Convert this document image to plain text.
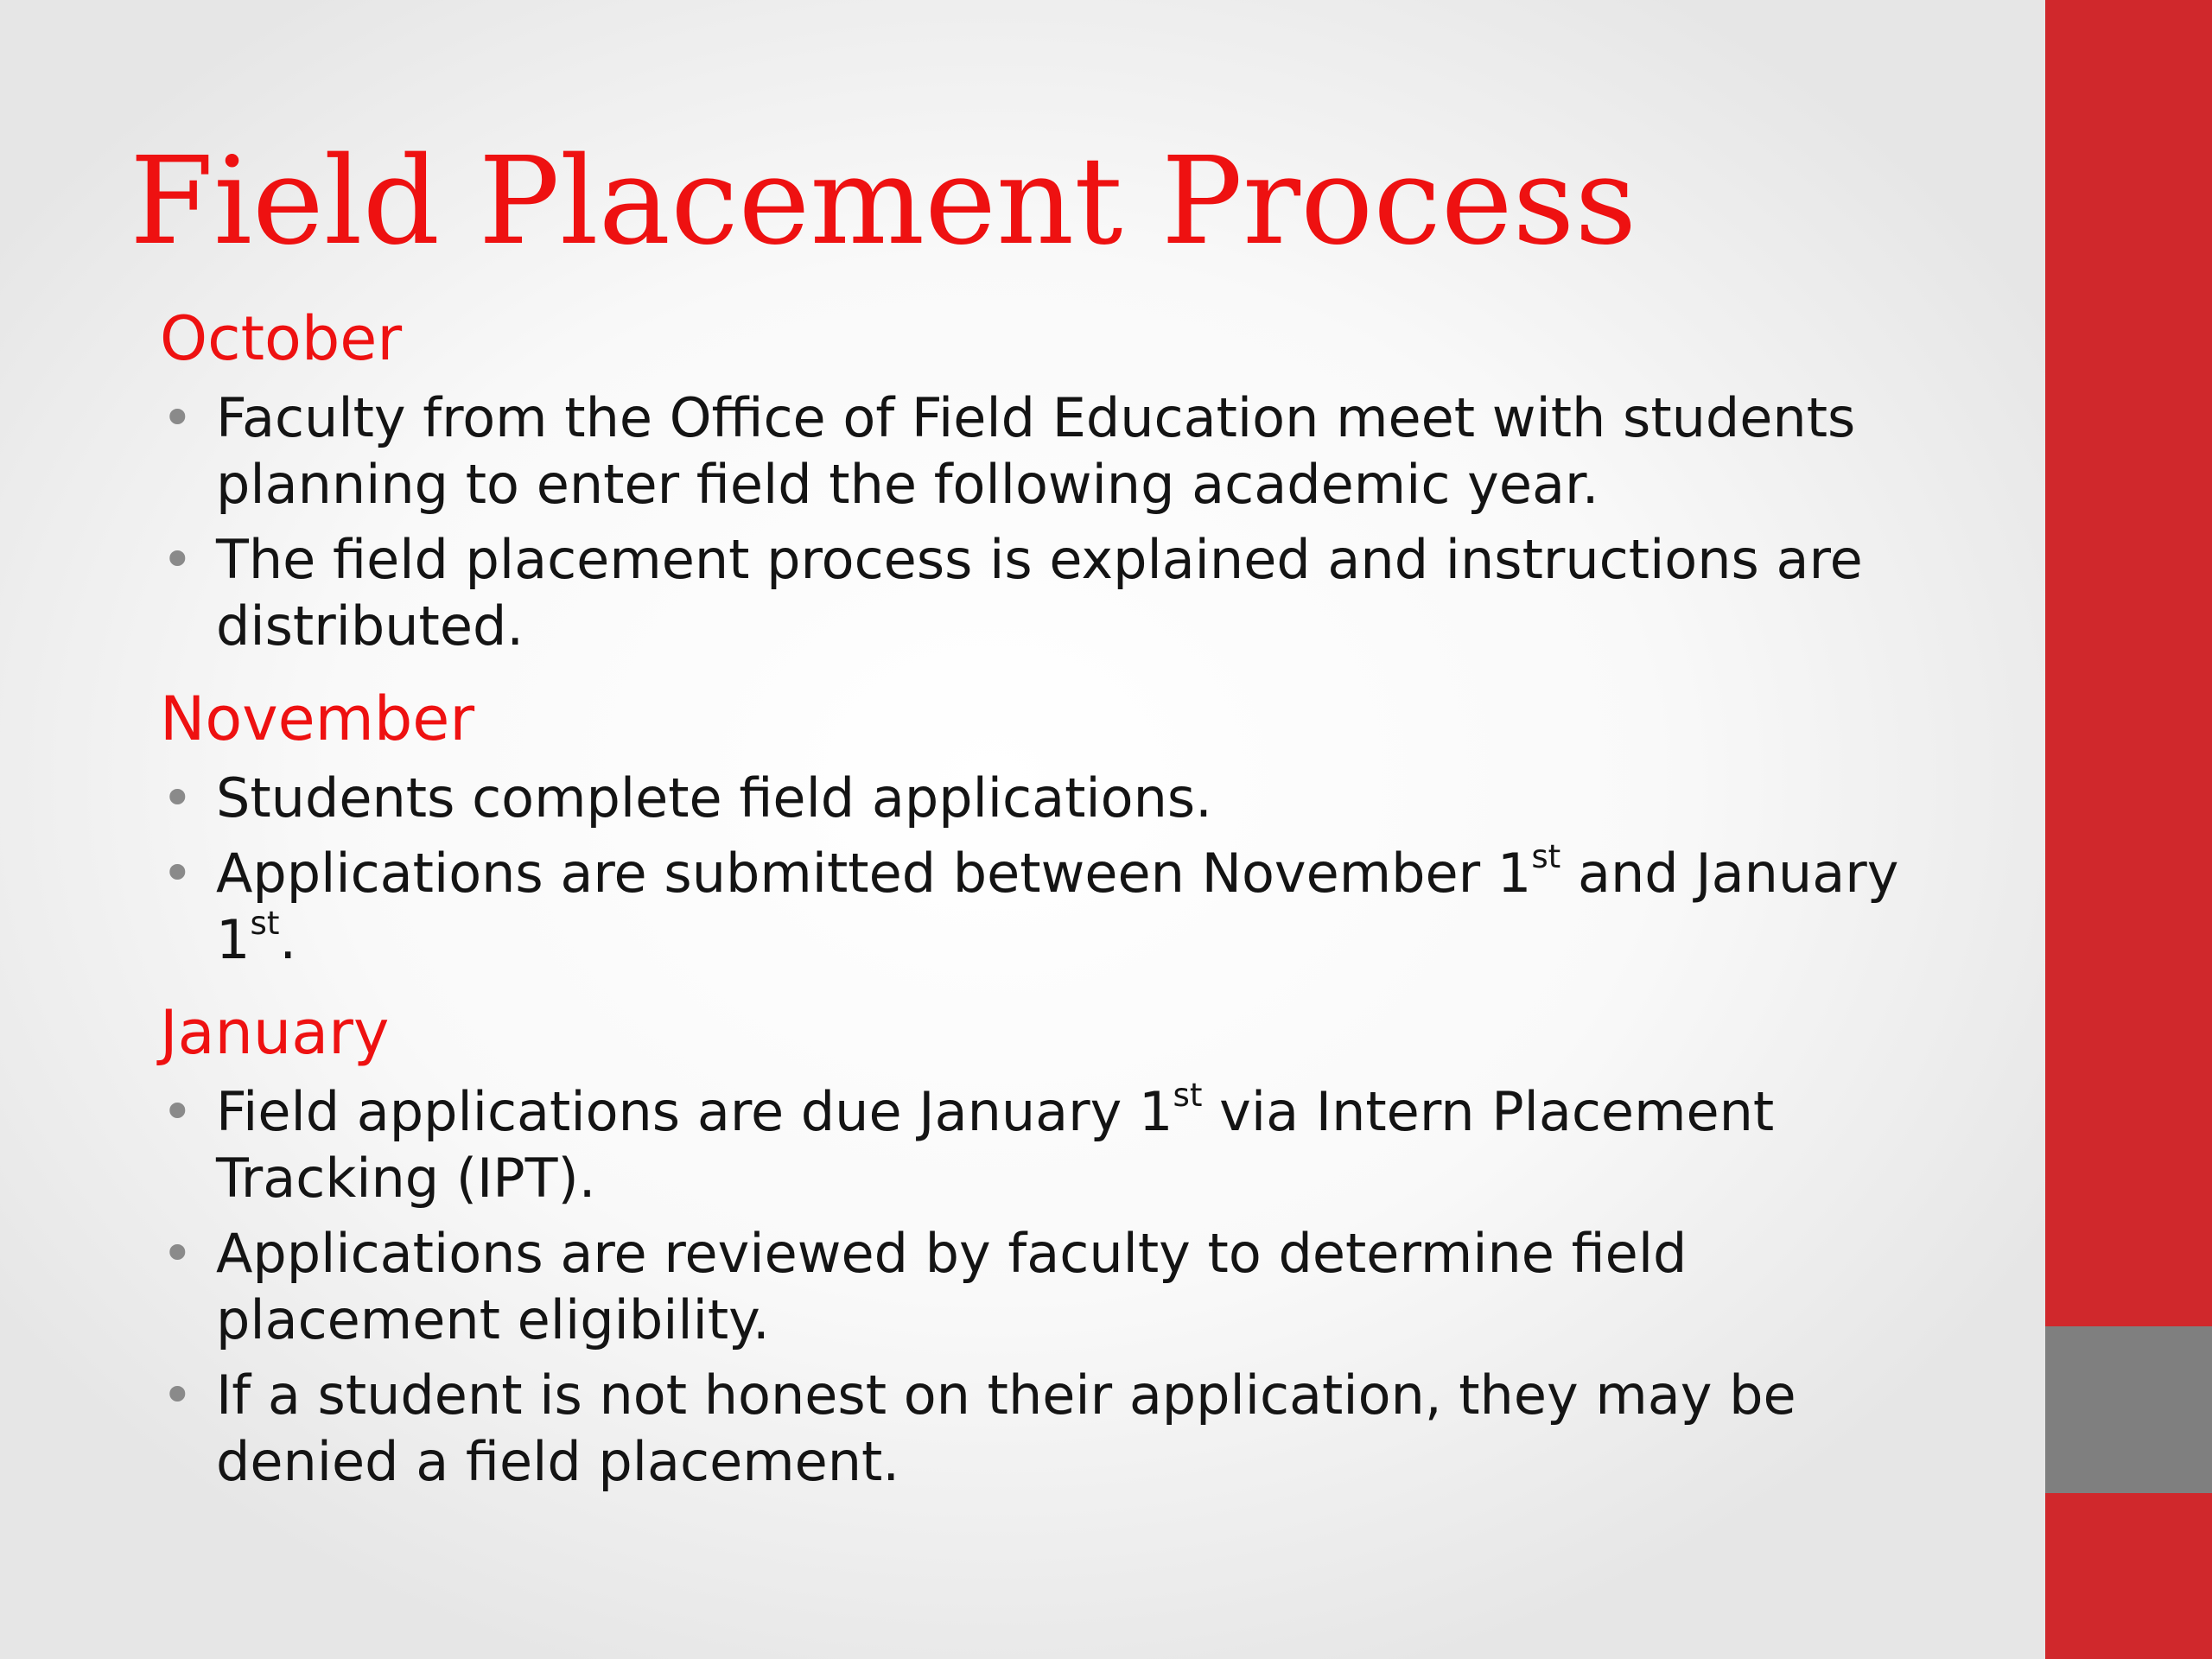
Field Placement Process

October

• Faculty from the Office of Field Education meet with students planning to enter field the following academic year.
• The field placement process is explained and instructions are distributed.

November

• Students complete field applications.
• Applications are submitted between November 1st and January 1st.

January

• Field applications are due January 1st via Intern Placement Tracking (IPT).
• Applications are reviewed by faculty to determine field placement eligibility.
• If a student is not honest on their application, they may be denied a field placement.
